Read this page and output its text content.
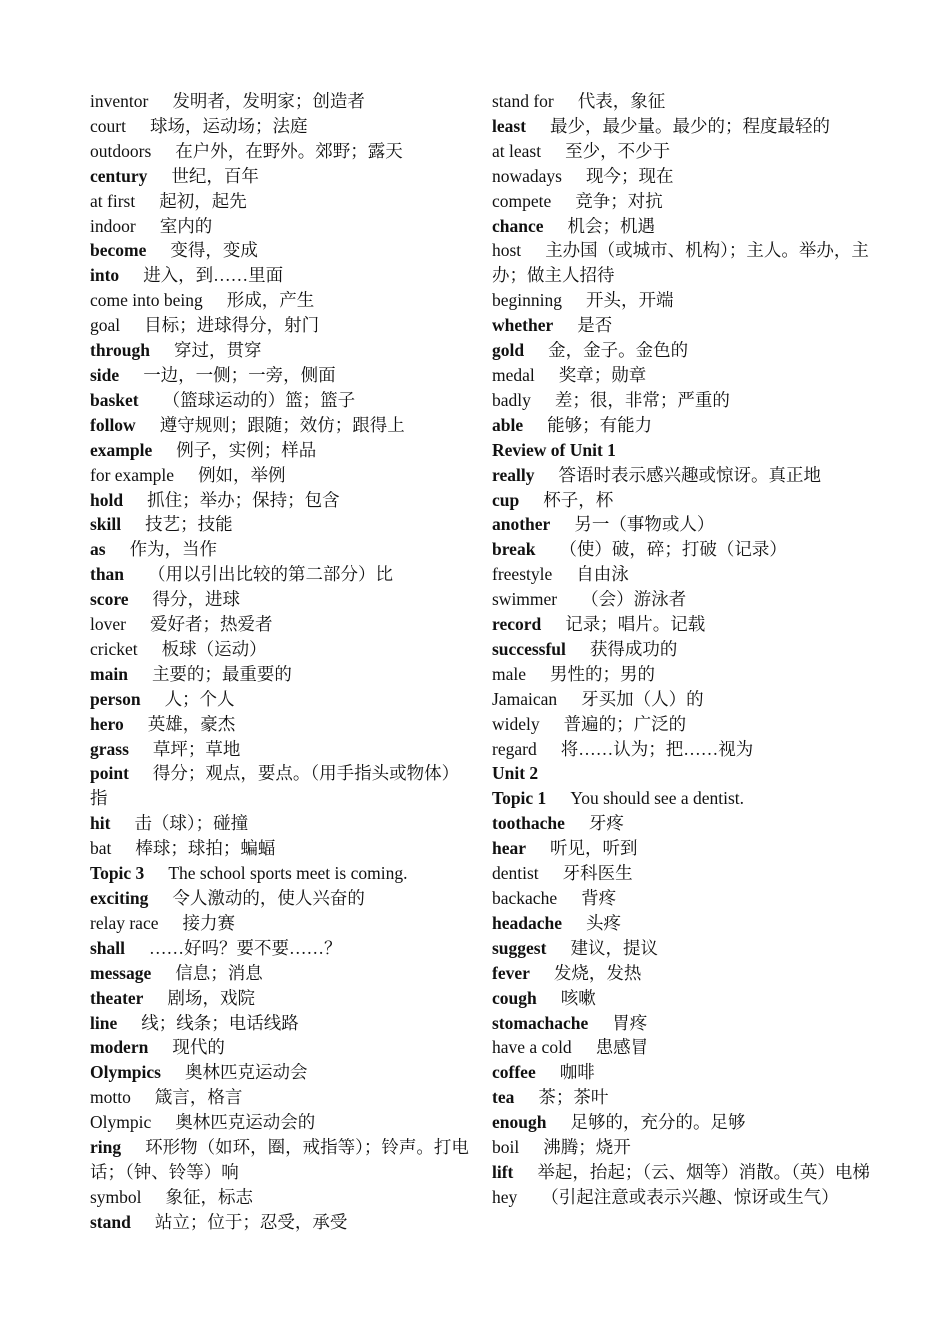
inventor 发明者，发明家；创造者

court 球场，运动场；法庭

outdoors 在户外，在野外。郊野；露天

century 世纪，百年

at first 起初，起先

indoor 室内的

become 变得，变成

into 进入，到……里面

come into being 形成，产生

goal 目标；进球得分，射门

through 穿过，贯穿

side 一边，一侧；一旁，侧面

basket （篮球运动的）篮；篮子

follow 遵守规则；跟随；效仿；跟得上

example 例子，实例；样品

for example 例如，举例

hold 抓住；举办；保持；包含

skill 技艺；技能

as 作为，当作

than （用以引出比较的第二部分）比

score 得分，进球

lover 爱好者；热爱者

cricket 板球（运动）

main 主要的；最重要的

person 人；个人

hero 英雄，豪杰

grass 草坪；草地

point 得分；观点，要点。（用手指头或物体）指

hit 击（球）；碰撞

bat 棒球；球拍；蝙蝠

Topic 3 The school sports meet is coming.

exciting 令人激动的，使人兴奋的

relay race 接力赛

shall ……好吗？要不要……？

message 信息；消息

theater 剧场，戏院

line 线；线条；电话线路

modern 现代的

Olympics 奥林匹克运动会

motto 箴言，格言

Olympic 奥林匹克运动会的

ring 环形物（如环，圈，戒指等）；铃声。打电话；（钟、铃等）响

symbol 象征，标志

stand 站立；位于；忍受，承受

stand for 代表，象征

least 最少，最少量。最少的；程度最轻的

at least 至少，不少于

nowadays 现今；现在

compete 竞争；对抗

chance 机会；机遇

host 主办国（或城市、机构）；主人。举办，主办；做主人招待

beginning 开头，开端

whether 是否

gold 金，金子。金色的

medal 奖章；勋章

badly 差；很，非常；严重的

able 能够；有能力

Review of Unit 1

really 答语时表示感兴趣或惊讶。真正地

cup 杯子，杯

another 另一（事物或人）

break （使）破，碎；打破（记录）

freestyle 自由泳

swimmer （会）游泳者

record 记录；唱片。记载

successful 获得成功的

male 男性的；男的

Jamaican 牙买加（人）的

widely 普遍的；广泛的

regard 将……认为；把……视为

Unit 2

Topic 1 You should see a dentist.

toothache 牙疼

hear 听见，听到

dentist 牙科医生

backache 背疼

headache 头疼

suggest 建议，提议

fever 发烧，发热

cough 咳嗽

stomachache 胃疼

have a cold 患感冒

coffee 咖啡

tea 茶；茶叶

enough 足够的，充分的。足够

boil 沸腾；烧开

lift 举起，抬起；（云、烟等）消散。（英）电梯

hey （引起注意或表示兴趣、惊讶或生气）
